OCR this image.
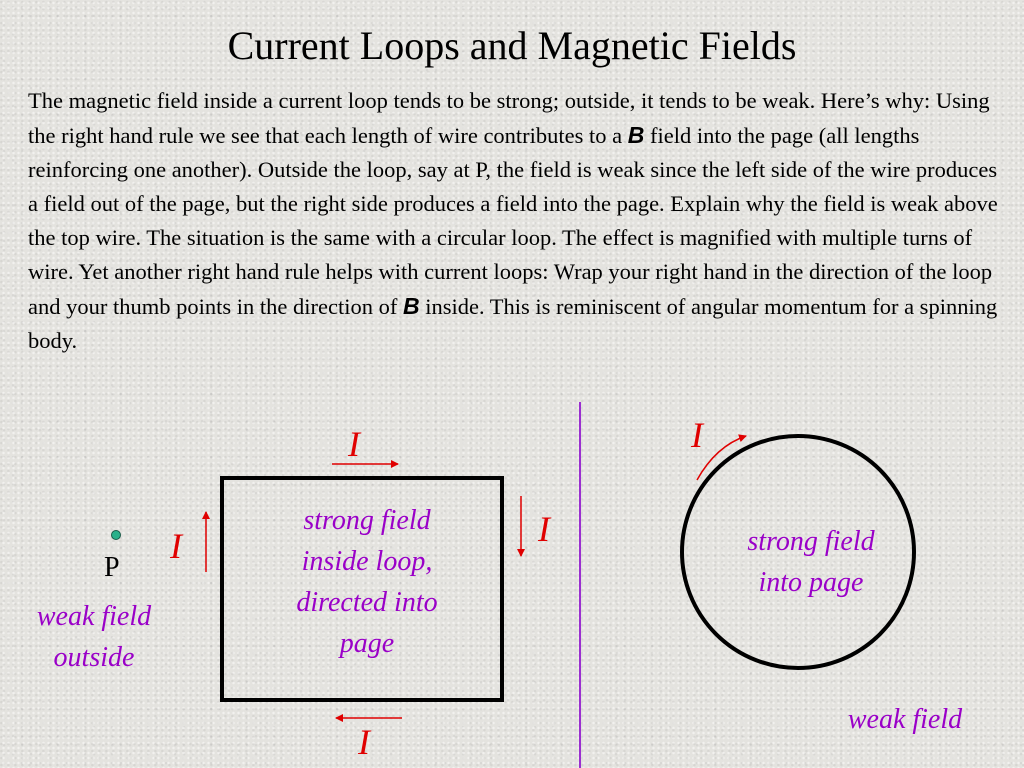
Current Loops and Magnetic Fields
The magnetic field inside a current loop tends to be strong; outside, it tends to be weak. Here’s why: Using the right hand rule we see that each length of wire contributes to a B field into the page (all lengths reinforcing one another). Outside the loop, say at P, the field is weak since the left side of the wire produces a field out of the page, but the right side produces a field into the page. Explain why the field is weak above the top wire. The situation is the same with a circular loop. The effect is magnified with multiple turns of wire. Yet another right hand rule helps with current loops: Wrap your right hand in the direction of the loop and your thumb points in the direction of B inside. This is reminiscent of angular momentum for a spinning body.
I
I
I
I
I
strong field inside loop, directed into page
P
weak field outside
strong field into page
weak field
